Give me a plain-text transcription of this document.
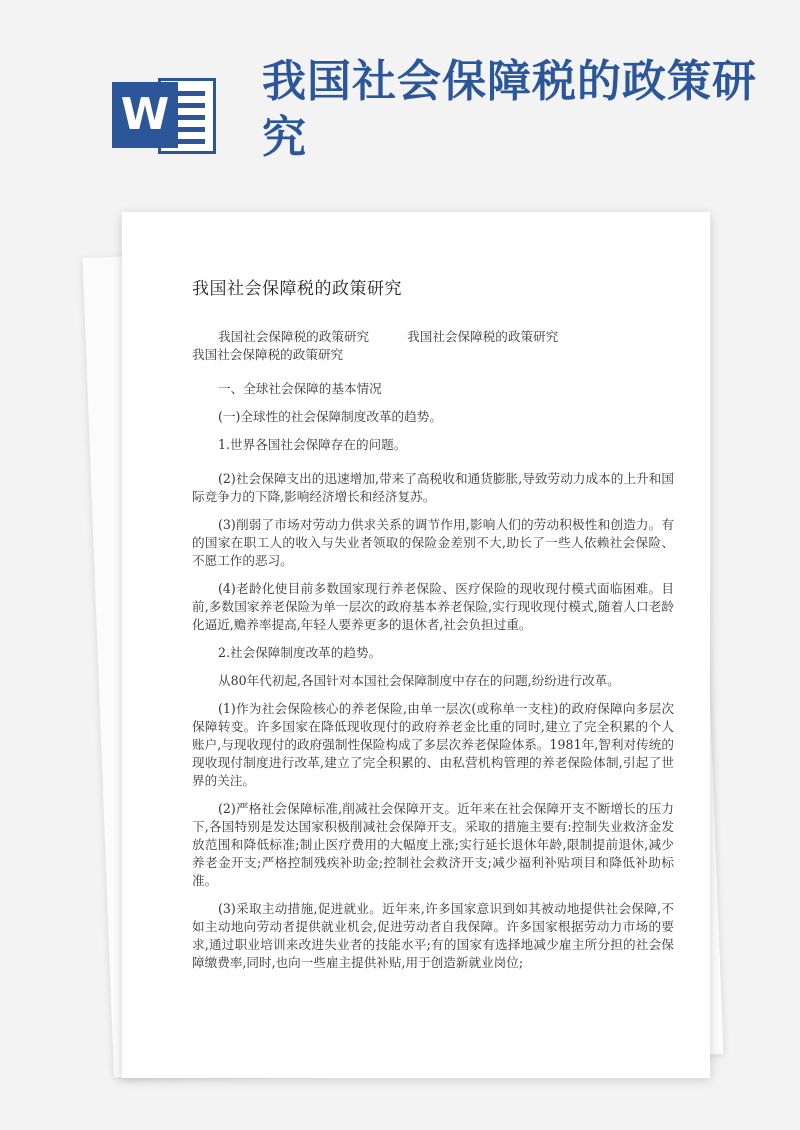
W
我国社会保障税的政策研究
我国社会保障税的政策研究

我国社会保障税的政策研究	我国社会保障税的政策研究

我国社会保障税的政策研究

一、全球社会保障的基本情况

(一)全球性的社会保障制度改革的趋势。

1.世界各国社会保障存在的问题。

(2)社会保障支出的迅速增加,带来了高税收和通货膨胀,导致劳动力成本的上升和国际竞争力的下降,影响经济增长和经济复苏。

(3)削弱了市场对劳动力供求关系的调节作用,影响人们的劳动积极性和创造力。有的国家在职工人的收入与失业者领取的保险金差别不大,助长了一些人依赖社会保险、不愿工作的恶习。

(4)老龄化使目前多数国家现行养老保险、医疗保险的现收现付模式面临困难。目前,多数国家养老保险为单一层次的政府基本养老保险,实行现收现付模式,随着人口老龄化逼近,赡养率提高,年轻人要养更多的退休者,社会负担过重。

2.社会保障制度改革的趋势。

从80年代初起,各国针对本国社会保障制度中存在的问题,纷纷进行改革。

(1)作为社会保险核心的养老保险,由单一层次(或称单一支柱)的政府保障向多层次保障转变。许多国家在降低现收现付的政府养老金比重的同时,建立了完全积累的个人账户,与现收现付的政府强制性保险构成了多层次养老保险体系。1981年,智利对传统的现收现付制度进行改革,建立了完全积累的、由私营机构管理的养老保险体制,引起了世界的关注。

(2)严格社会保障标准,削减社会保障开支。近年来在社会保障开支不断增长的压力下,各国特别是发达国家积极削减社会保障开支。采取的措施主要有:控制失业救济金发放范围和降低标准;制止医疗费用的大幅度上涨;实行延长退休年龄,限制提前退休,减少养老金开支;严格控制残疾补助金;控制社会救济开支;减少福利补贴项目和降低补助标准。

(3)采取主动措施,促进就业。近年来,许多国家意识到如其被动地提供社会保障,不如主动地向劳动者提供就业机会,促进劳动者自我保障。许多国家根据劳动力市场的要求,通过职业培训来改进失业者的技能水平;有的国家有选择地减少雇主所分担的社会保障缴费率,同时,也向一些雇主提供补贴,用于创造新就业岗位;
